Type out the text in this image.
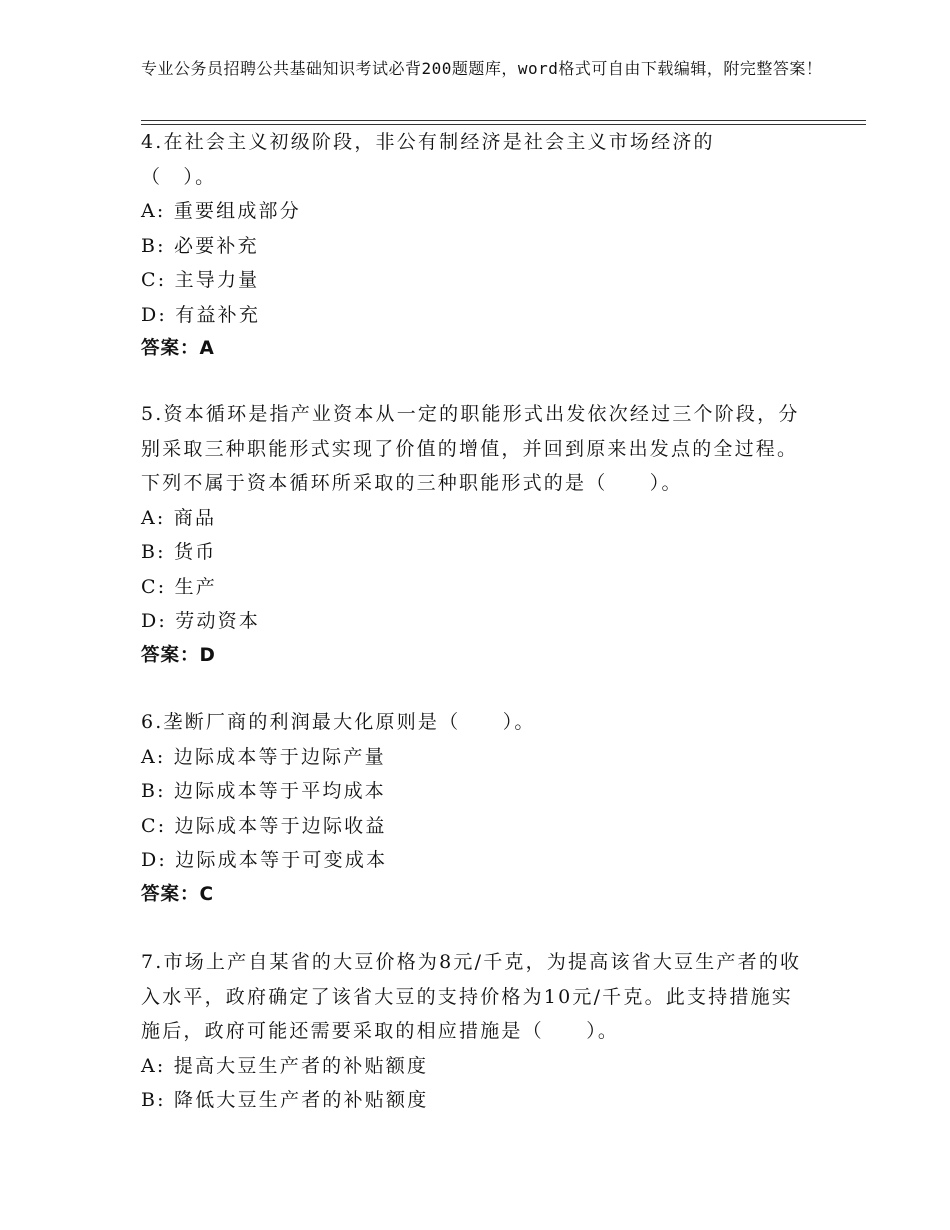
专业公务员招聘公共基础知识考试必背200题题库，word格式可自由下载编辑，附完整答案！

4.在社会主义初级阶段，非公有制经济是社会主义市场经济的（　）。

A: 重要组成部分

B: 必要补充

C: 主导力量

D: 有益补充

答案：A

5.资本循环是指产业资本从一定的职能形式出发依次经过三个阶段，分别采取三种职能形式实现了价值的增值，并回到原来出发点的全过程。下列不属于资本循环所采取的三种职能形式的是（　　）。

A: 商品

B: 货币

C: 生产

D: 劳动资本

答案：D

6.垄断厂商的利润最大化原则是（　　）。

A: 边际成本等于边际产量

B: 边际成本等于平均成本

C: 边际成本等于边际收益

D: 边际成本等于可变成本

答案：C

7.市场上产自某省的大豆价格为8元/千克，为提高该省大豆生产者的收入水平，政府确定了该省大豆的支持价格为10元/千克。此支持措施实施后，政府可能还需要采取的相应措施是（　　）。

A: 提高大豆生产者的补贴额度

B: 降低大豆生产者的补贴额度
